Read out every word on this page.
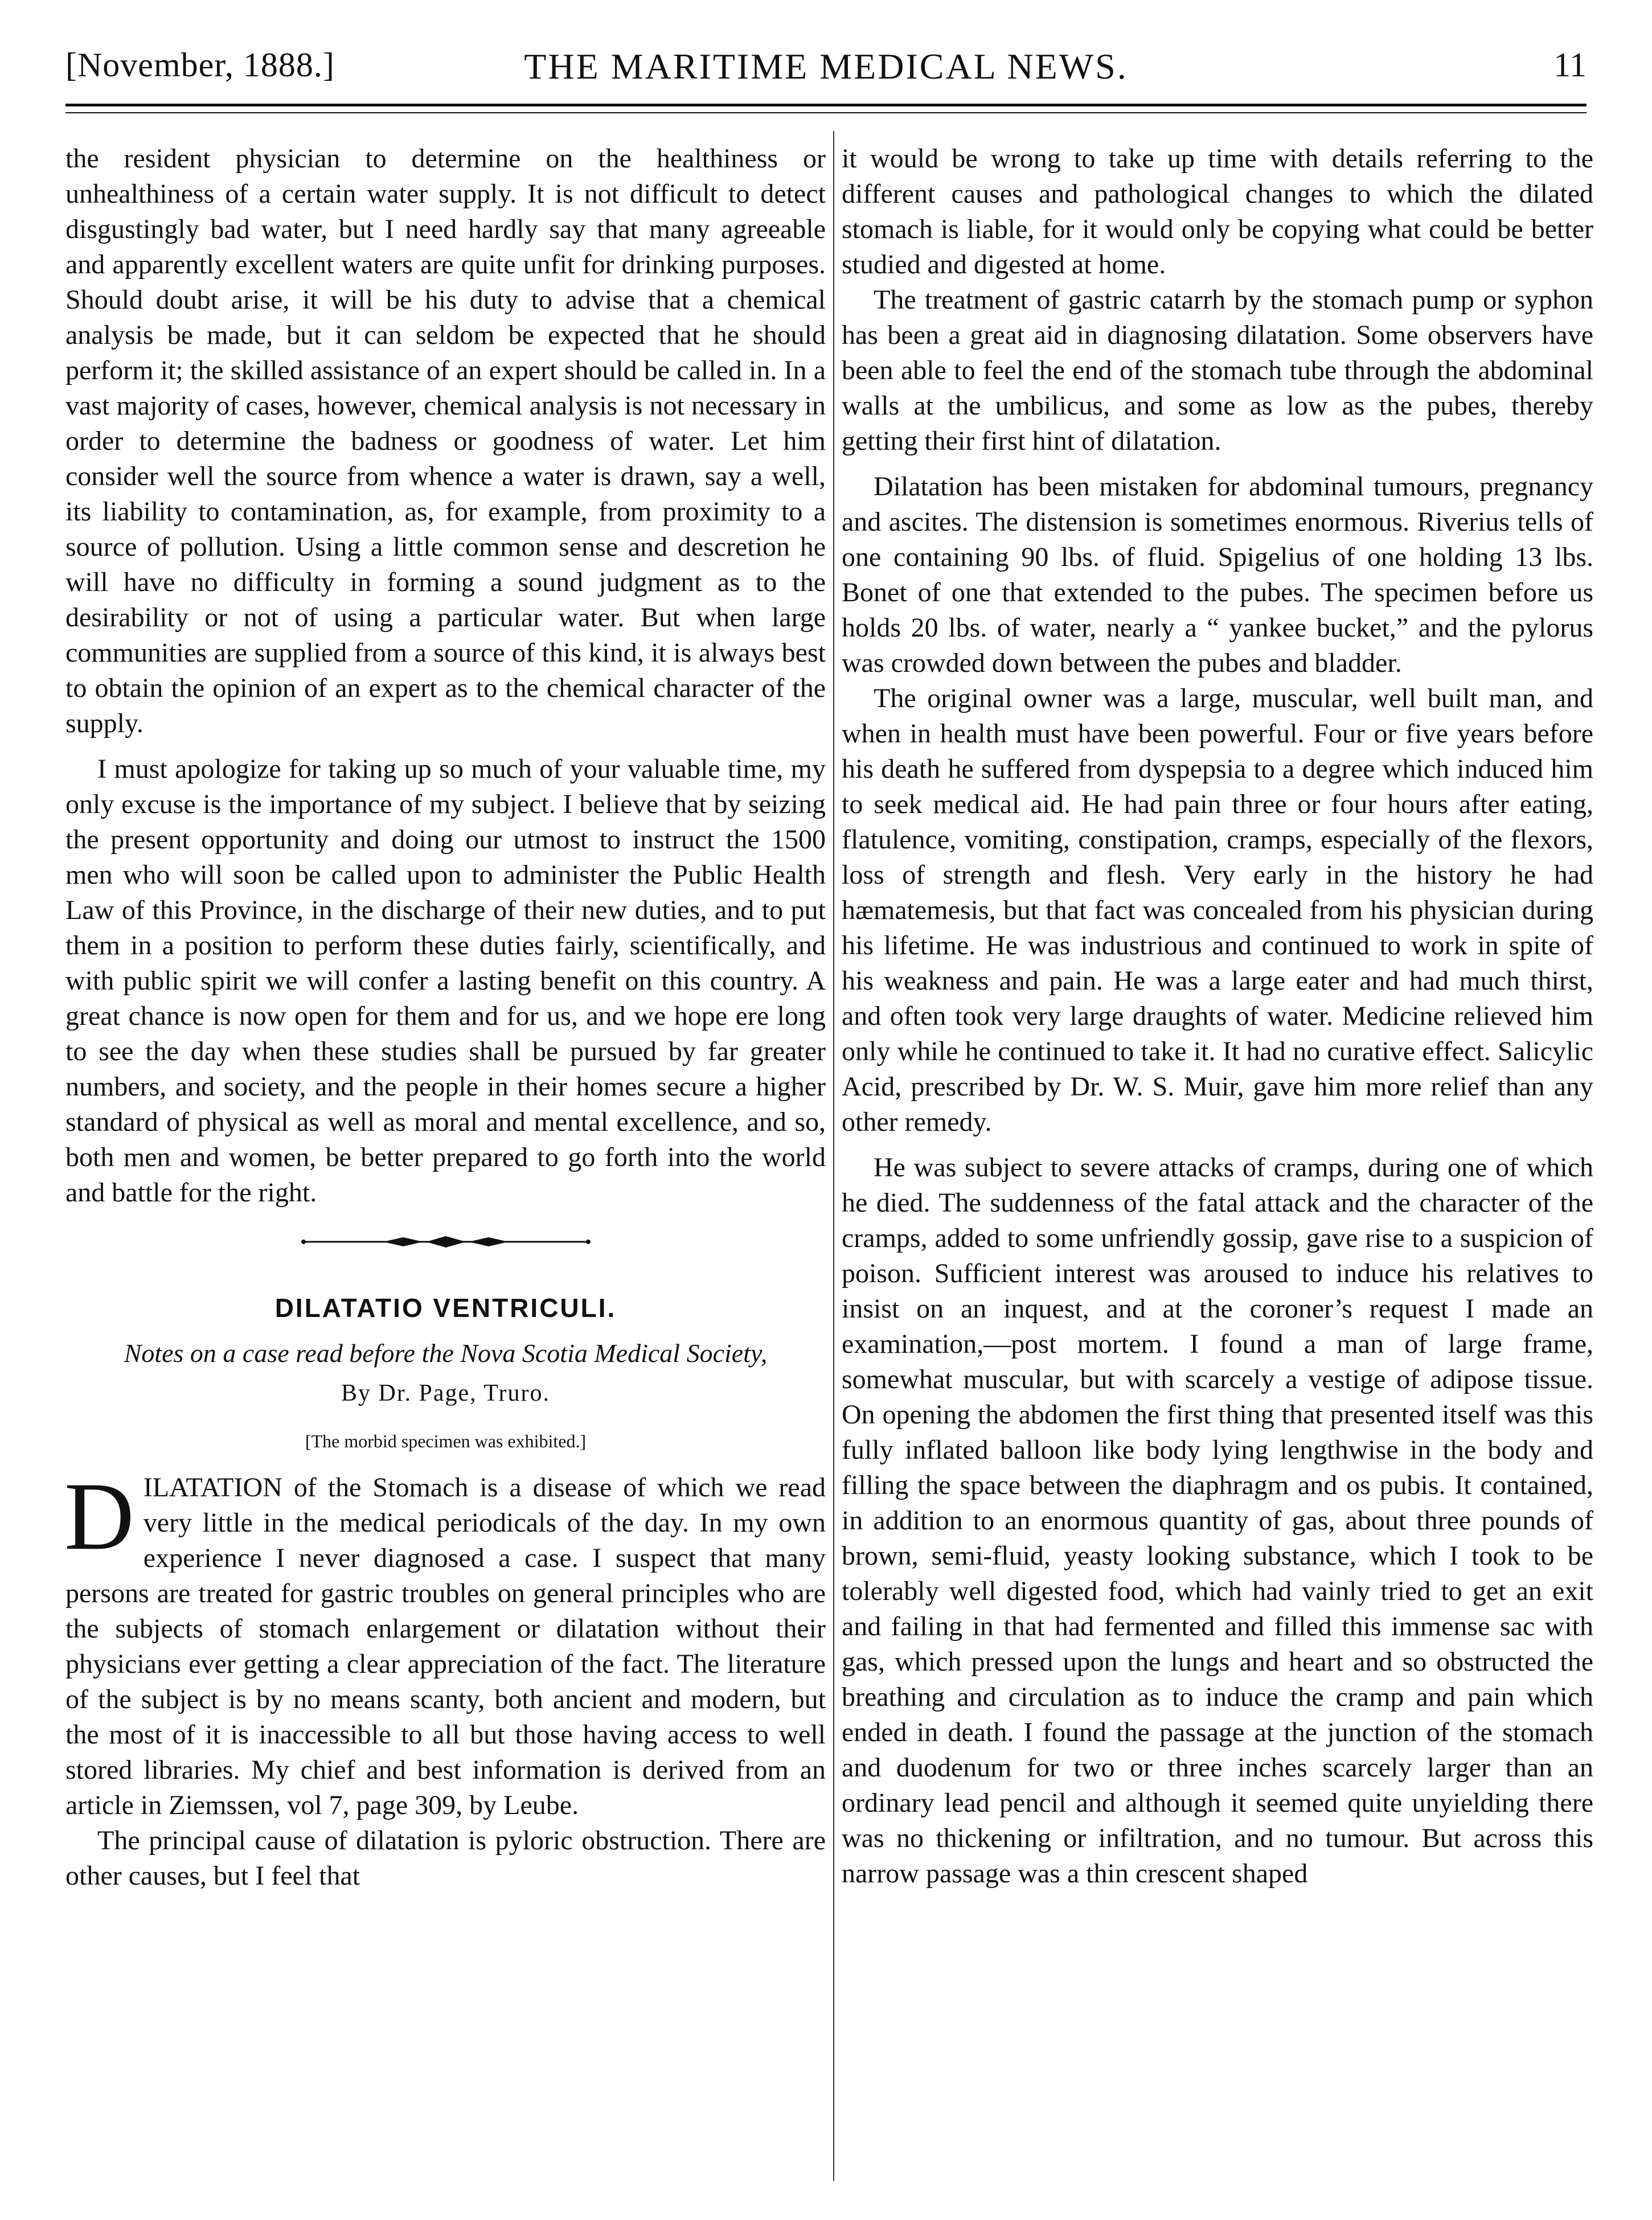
[November, 1888.]	THE MARITIME MEDICAL NEWS.	11

the resident physician to determine on the healthiness or unhealthiness of a certain water supply. It is not difficult to detect disgustingly bad water, but I need hardly say that many agreeable and apparently excellent waters are quite unfit for drinking purposes. Should doubt arise, it will be his duty to advise that a chemical analysis be made, but it can seldom be expected that he should perform it; the skilled assistance of an expert should be called in. In a vast majority of cases, however, chemical analysis is not necessary in order to determine the badness or goodness of water. Let him consider well the source from whence a water is drawn, say a well, its liability to contamination, as, for example, from proximity to a source of pollution. Using a little common sense and descretion he will have no difficulty in forming a sound judgment as to the desirability or not of using a particular water. But when large communities are supplied from a source of this kind, it is always best to obtain the opinion of an expert as to the chemical character of the supply.

I must apologize for taking up so much of your valuable time, my only excuse is the importance of my subject. I believe that by seizing the present opportunity and doing our utmost to instruct the 1500 men who will soon be called upon to administer the Public Health Law of this Province, in the discharge of their new duties, and to put them in a position to perform these duties fairly, scientifically, and with public spirit we will confer a lasting benefit on this country. A great chance is now open for them and for us, and we hope ere long to see the day when these studies shall be pursued by far greater numbers, and society, and the people in their homes secure a higher standard of physical as well as moral and mental excellence, and so, both men and women, be better prepared to go forth into the world and battle for the right.

DILATATIO VENTRICULI.
Notes on a case read before the Nova Scotia Medical Society,
By Dr. Page, Truro.
[The morbid specimen was exhibited.]
D ILATATION of the Stomach is a disease of which we read very little in the medical periodicals of the day. In my own experience I never diagnosed a case. I suspect that many persons are treated for gastric troubles on general principles who are the subjects of stomach enlargement or dilatation without their physicians ever getting a clear appreciation of the fact. The literature of the subject is by no means scanty, both ancient and modern, but the most of it is inaccessible to all but those having access to well stored libraries. My chief and best information is derived from an article in Ziemssen, vol 7, page 309, by Leube.

The principal cause of dilatation is pyloric obstruction. There are other causes, but I feel that

it would be wrong to take up time with details referring to the different causes and pathological changes to which the dilated stomach is liable, for it would only be copying what could be better studied and digested at home.

The treatment of gastric catarrh by the stomach pump or syphon has been a great aid in diagnosing dilatation. Some observers have been able to feel the end of the stomach tube through the abdominal walls at the umbilicus, and some as low as the pubes, thereby getting their first hint of dilatation.

Dilatation has been mistaken for abdominal tumours, pregnancy and ascites. The distension is sometimes enormous. Riverius tells of one containing 90 lbs. of fluid. Spigelius of one holding 13 lbs. Bonet of one that extended to the pubes. The specimen before us holds 20 lbs. of water, nearly a “ yankee bucket,” and the pylorus was crowded down between the pubes and bladder.

The original owner was a large, muscular, well built man, and when in health must have been powerful. Four or five years before his death he suffered from dyspepsia to a degree which induced him to seek medical aid. He had pain three or four hours after eating, flatulence, vomiting, constipation, cramps, especially of the flexors, loss of strength and flesh. Very early in the history he had hæmatemesis, but that fact was concealed from his physician during his lifetime. He was industrious and continued to work in spite of his weakness and pain. He was a large eater and had much thirst, and often took very large draughts of water. Medicine relieved him only while he continued to take it. It had no curative effect. Salicylic Acid, prescribed by Dr. W. S. Muir, gave him more relief than any other remedy.

He was subject to severe attacks of cramps, during one of which he died. The suddenness of the fatal attack and the character of the cramps, added to some unfriendly gossip, gave rise to a suspicion of poison. Sufficient interest was aroused to induce his relatives to insist on an inquest, and at the coroner’s request I made an examination,—post mortem. I found a man of large frame, somewhat muscular, but with scarcely a vestige of adipose tissue. On opening the abdomen the first thing that presented itself was this fully inflated balloon like body lying lengthwise in the body and filling the space between the diaphragm and os pubis. It contained, in addition to an enormous quantity of gas, about three pounds of brown, semi-fluid, yeasty looking substance, which I took to be tolerably well digested food, which had vainly tried to get an exit and failing in that had fermented and filled this immense sac with gas, which pressed upon the lungs and heart and so obstructed the breathing and circulation as to induce the cramp and pain which ended in death. I found the passage at the junction of the stomach and duodenum for two or three inches scarcely larger than an ordinary lead pencil and although it seemed quite unyielding there was no thickening or infiltration, and no tumour. But across this narrow passage was a thin crescent shaped
